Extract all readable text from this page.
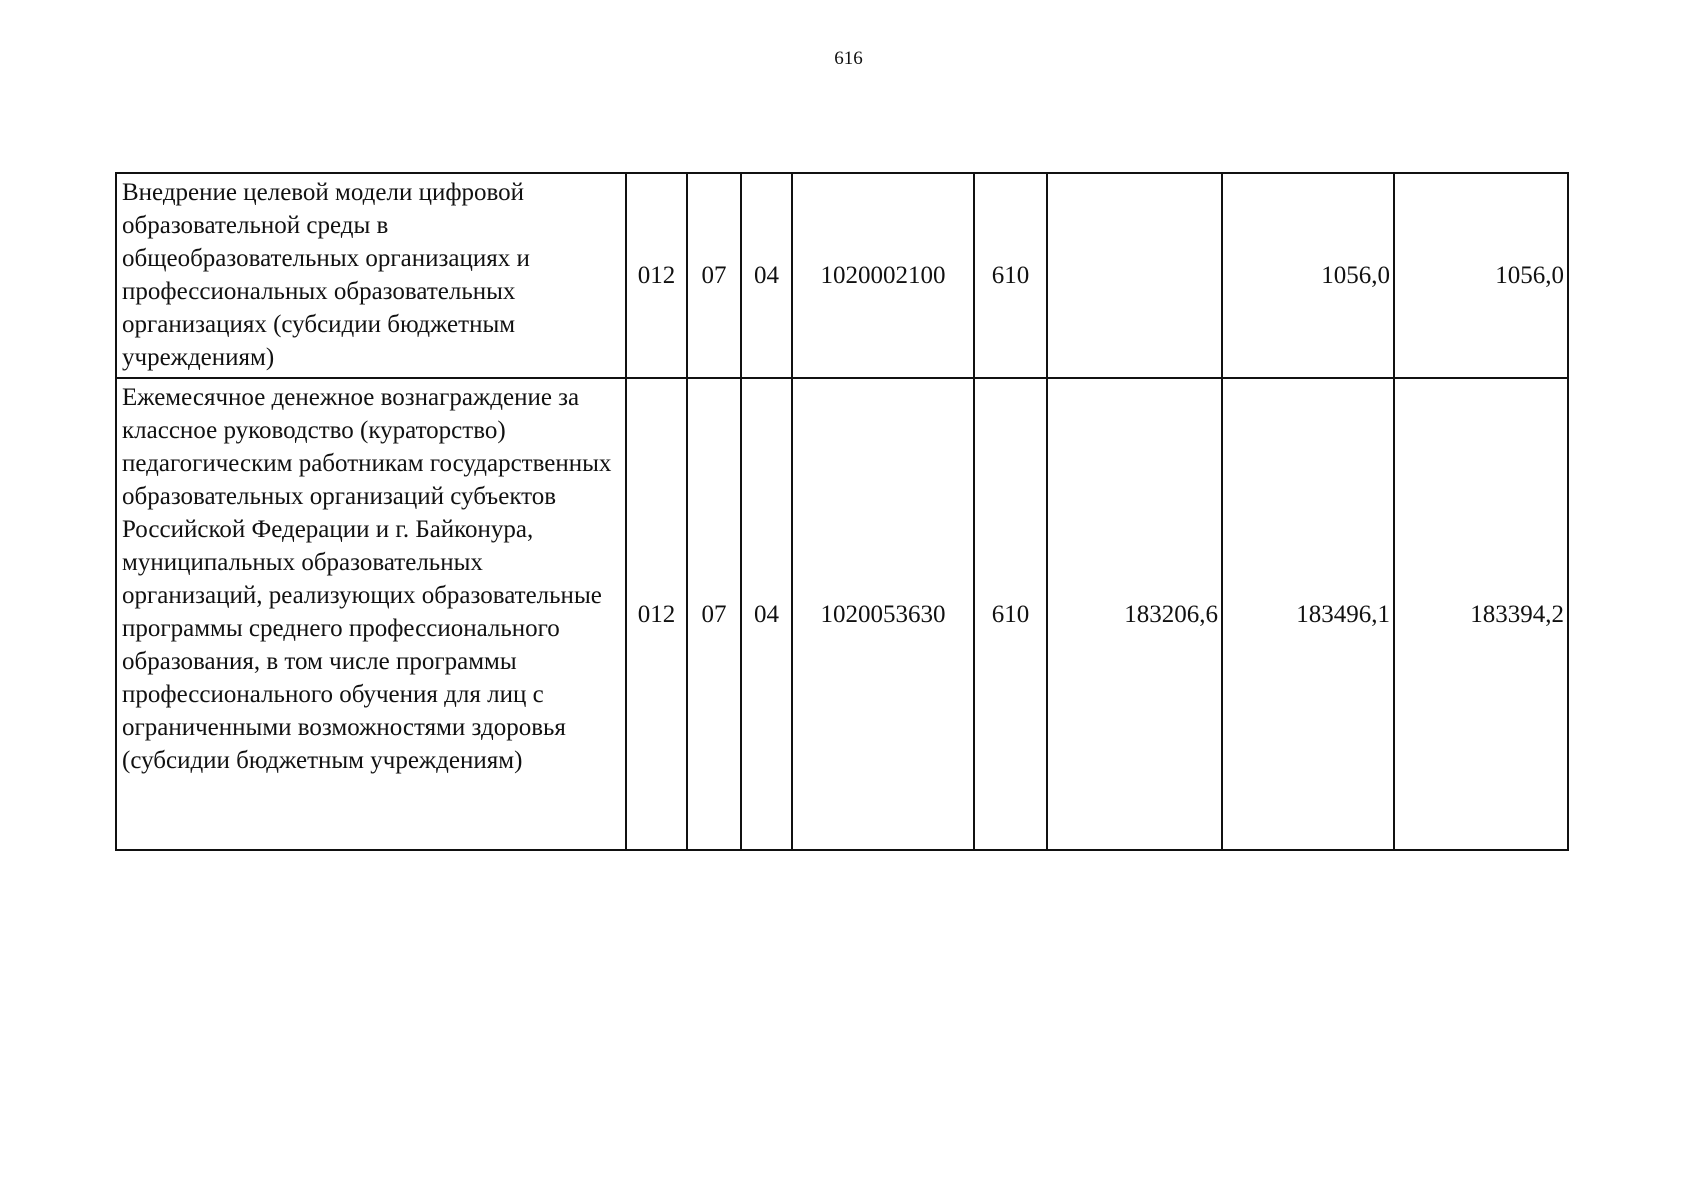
616
Внедрение целевой модели цифровой образовательной среды в общеобразовательных организациях и профессиональных образовательных организациях (субсидии бюджетным учреждениям)	012	07	04	1020002100	610		1056,0	1056,0
Ежемесячное денежное вознаграждение за классное руководство (кураторство) педагогическим работникам государственных образовательных организаций субъектов Российской Федерации и г. Байконура, муниципальных образовательных организаций, реализующих образовательные программы среднего профессионального образования, в том числе программы профессионального обучения для лиц с ограниченными возможностями здоровья (субсидии бюджетным учреждениям)	012	07	04	1020053630	610	183206,6	183496,1	183394,2
